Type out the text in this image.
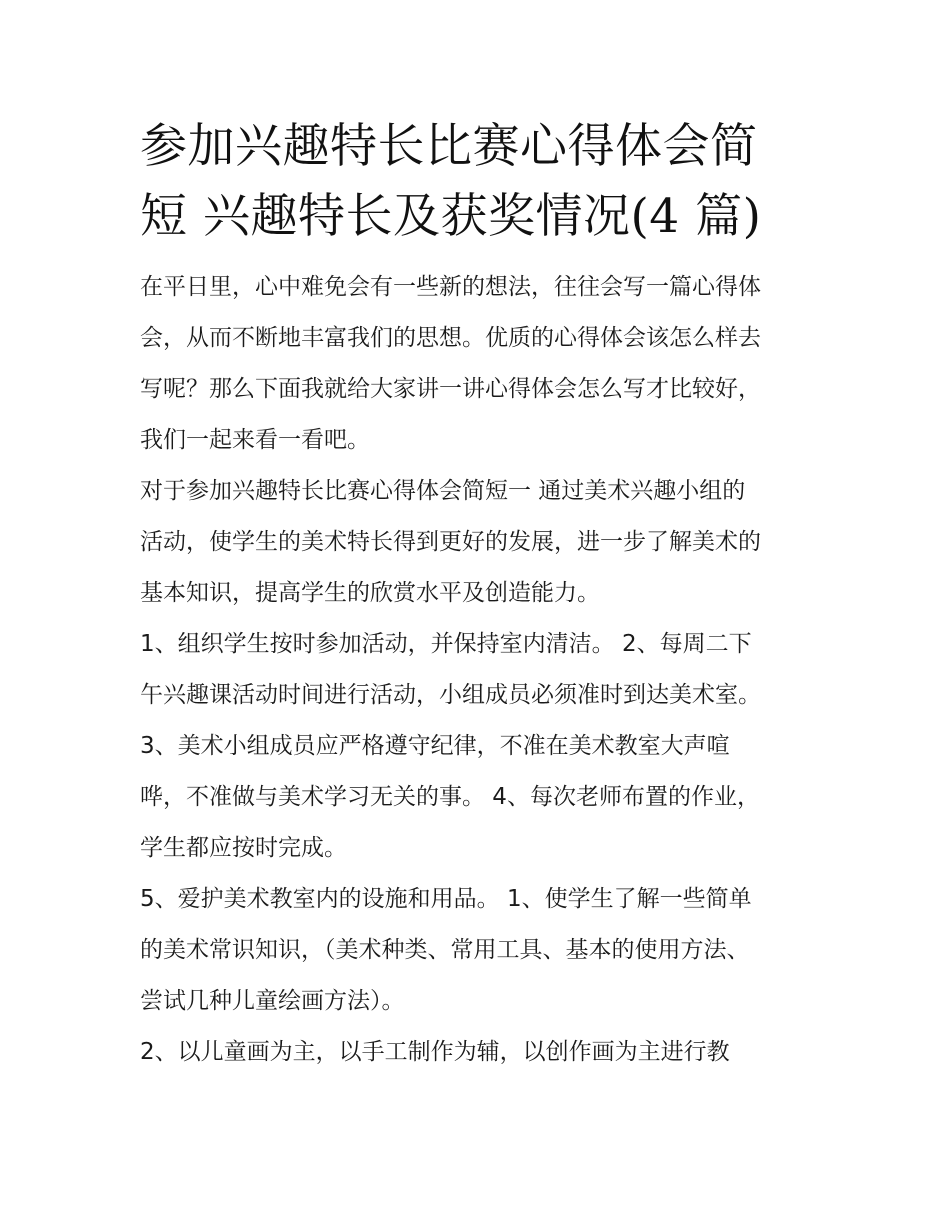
参加兴趣特长比赛心得体会简
短 兴趣特长及获奖情况(4 篇)

在平日里，心中难免会有一些新的想法，往往会写一篇心得体
会，从而不断地丰富我们的思想。优质的心得体会该怎么样去
写呢？那么下面我就给大家讲一讲心得体会怎么写才比较好，
我们一起来看一看吧。

对于参加兴趣特长比赛心得体会简短一 通过美术兴趣小组的
活动，使学生的美术特长得到更好的发展，进一步了解美术的
基本知识，提高学生的欣赏水平及创造能力。

1、组织学生按时参加活动，并保持室内清洁。 2、每周二下
午兴趣课活动时间进行活动，小组成员必须准时到达美术室。

3、美术小组成员应严格遵守纪律，不准在美术教室大声喧
哗，不准做与美术学习无关的事。 4、每次老师布置的作业，
学生都应按时完成。

5、爱护美术教室内的设施和用品。 1、使学生了解一些简单
的美术常识知识，（美术种类、常用工具、基本的使用方法、
尝试几种儿童绘画方法）。

2、以儿童画为主，以手工制作为辅，以创作画为主进行教
